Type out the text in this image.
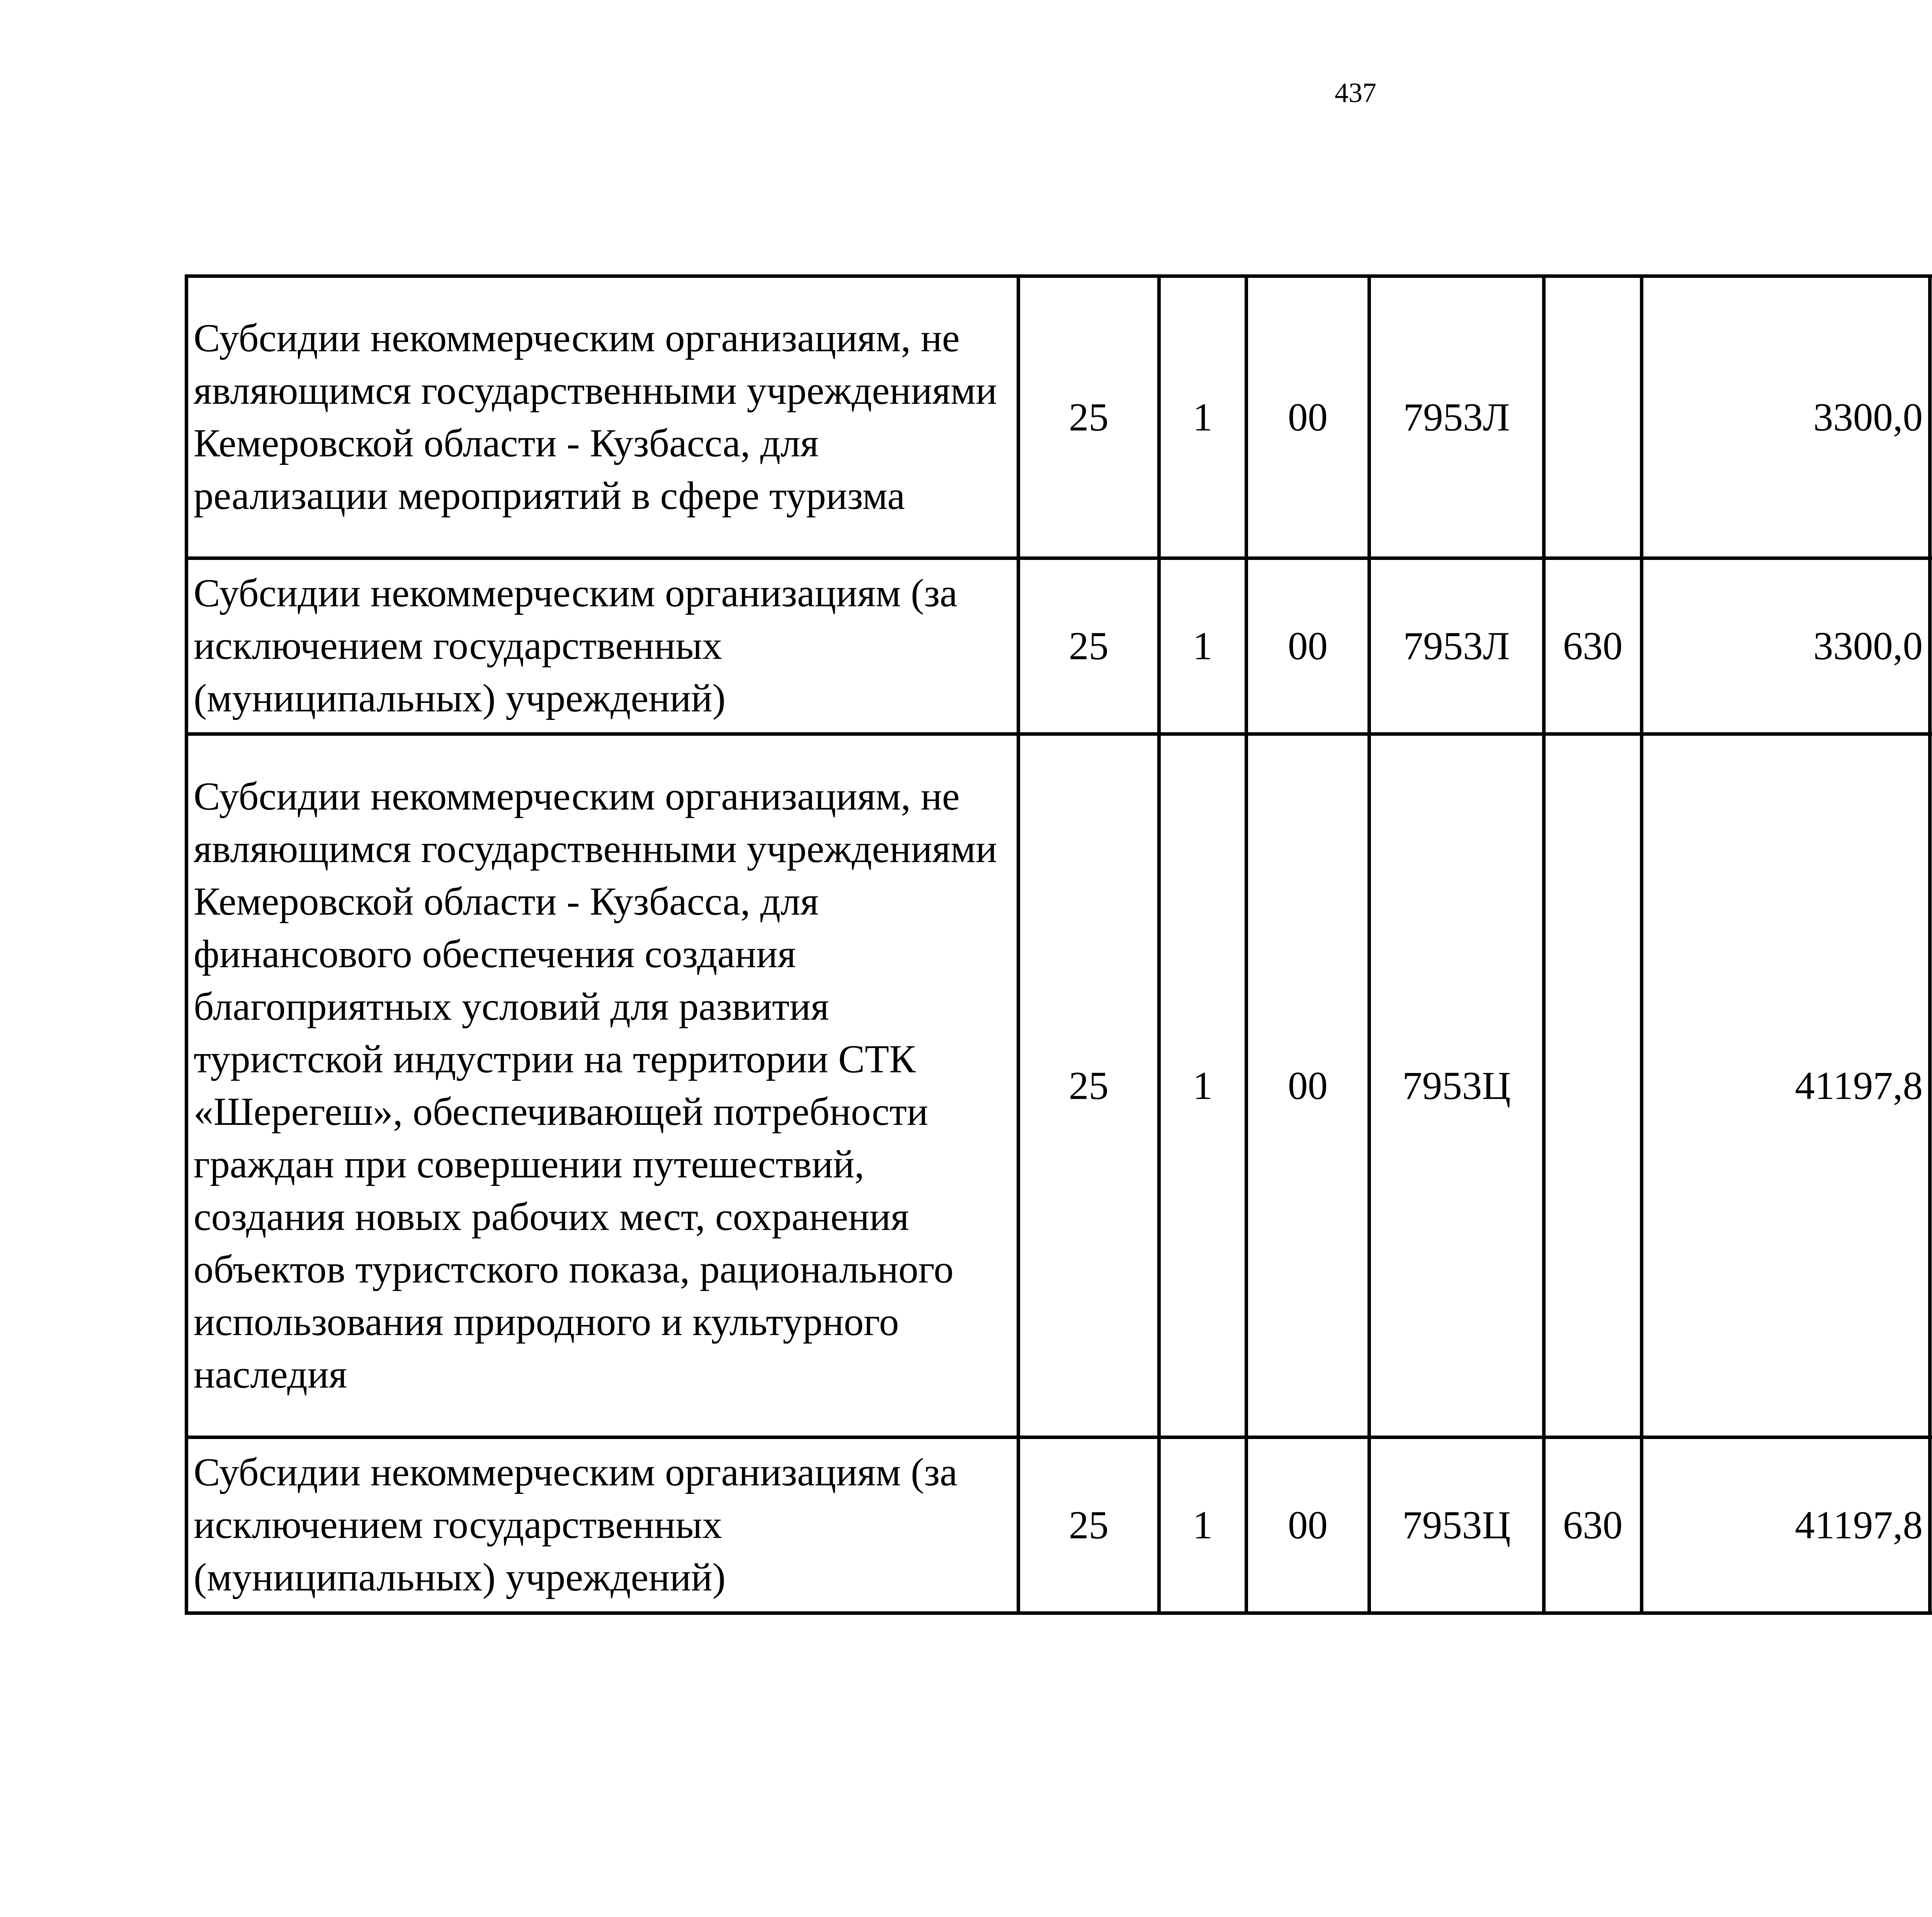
437
Субсидии некоммерческим организациям, не являющимся государственными учреждениями Кемеровской области - Кузбасса, для реализации мероприятий в сфере туризма	25	1	00	7953Л		3300,0		
Субсидии некоммерческим организациям (за исключением государственных (муниципальных) учреждений)	25	1	00	7953Л	630	3300,0		
Субсидии некоммерческим организациям, не являющимся государственными учреждениями Кемеровской области - Кузбасса, для финансового обеспечения создания благоприятных условий для развития туристской индустрии на территории СТК «Шерегеш», обеспечивающей потребности граждан при совершении путешествий, создания новых рабочих мест, сохранения объектов туристского показа, рационального использования природного и культурного наследия	25	1	00	7953Ц		41197,8		
Субсидии некоммерческим организациям (за исключением государственных (муниципальных) учреждений)	25	1	00	7953Ц	630	41197,8		
